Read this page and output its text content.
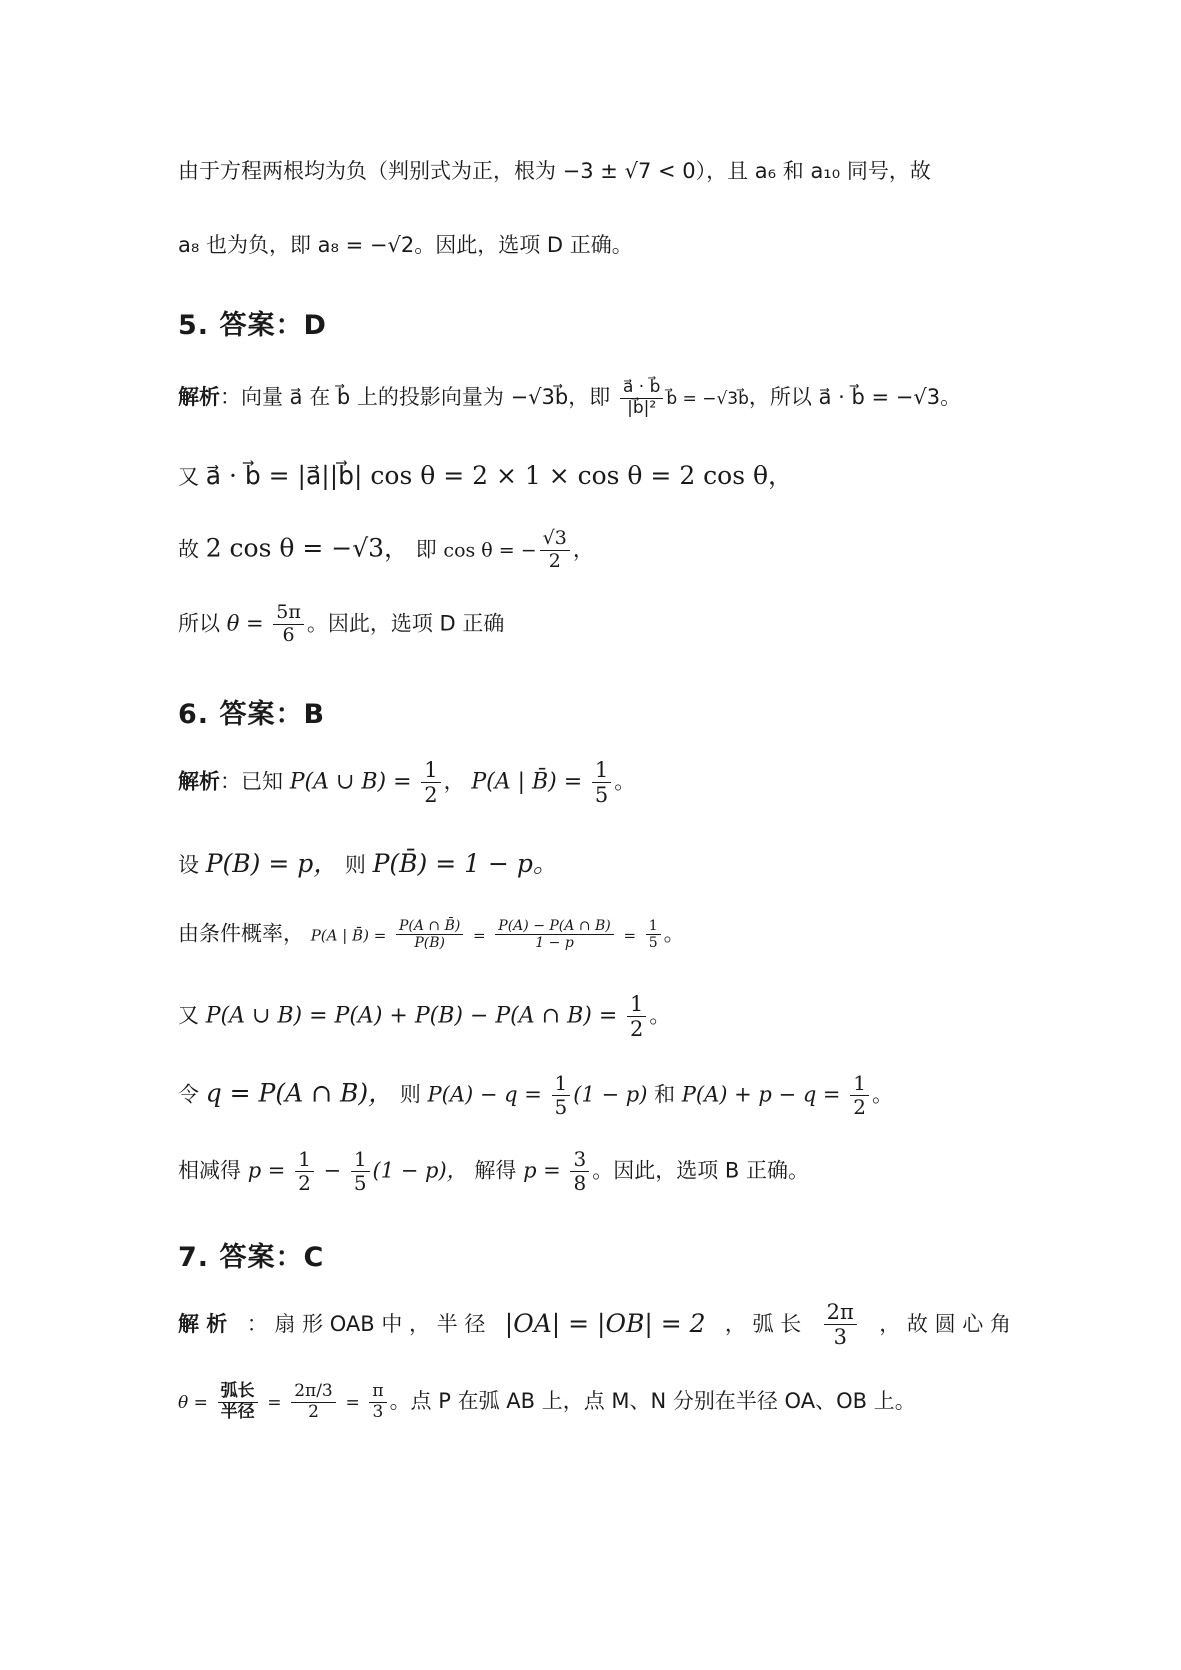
由于方程两根均为负（判别式为正，根为 −3 ± √7 < 0），且 a₆ 和 a₁₀ 同号，故
a₈ 也为负，即 a₈ = −√2。因此，选项 D 正确。
5. 答案：D
解析：向量 a⃗ 在 b⃗ 上的投影向量为 −√3b⃗，即 $\frac{a⃗ \cdot b⃗}{\text{|b⃗|²}}$ b⃗ = −√3b⃗，所以 a⃗ · b⃗ = −√3。
又 a⃗ · b⃗ = |a⃗||b⃗| cos θ = 2 × 1 × cos θ = 2 cos θ，
故 2 cos θ = −√3， 即 cos θ = − $\frac{√3}{2}$ ，
所以 $\theta = \frac{5\pi}{6}$ 。因此，选项 D 正确
6. 答案：B
解析：已知 P(A ∪ $B) = \frac{1}{2}$ ， P(A | B̄) = $\frac{1}{5}$ 。
设 P(B) = p， 则 P(B̄) = 1 − p。
由条件概率， P(A | B̄) = $\frac{P(A \cap B̄)}{P(B̄)} = \frac{P(A) - P(A \cap B)}{1 - p} = \frac{1}{5}$ 。
又 P(A ∪ B) = P(A) + P(B) − P(A ∩ $B) = \frac{1}{2}$ 。
令 q = P(A ∩ B)， 则 $P(A) - q = \frac{1}{5} (1 - p)$ 和 $P(A) + p - q = \frac{1}{2}$ 。
相减得 $p = \frac{1}{2} - \frac{1}{5} (1 - p)$， 解得 $p = \frac{3}{8}$ 。因此，选项 B 正确。
7. 答案：C
解 析 ： 扇 形 OAB 中 ， 半 径 |OA| = |OB| = 2 ， 弧 长 $\frac{2\pi}{3}$ ， 故 圆 心 角
$\theta = \frac{\text{弧长}}{\text{半径}} = \frac{2\pi/3}{2} = \frac{\pi}{3}$ 。点 P 在弧 AB 上，点 M、N 分别在半径 OA、OB 上。
